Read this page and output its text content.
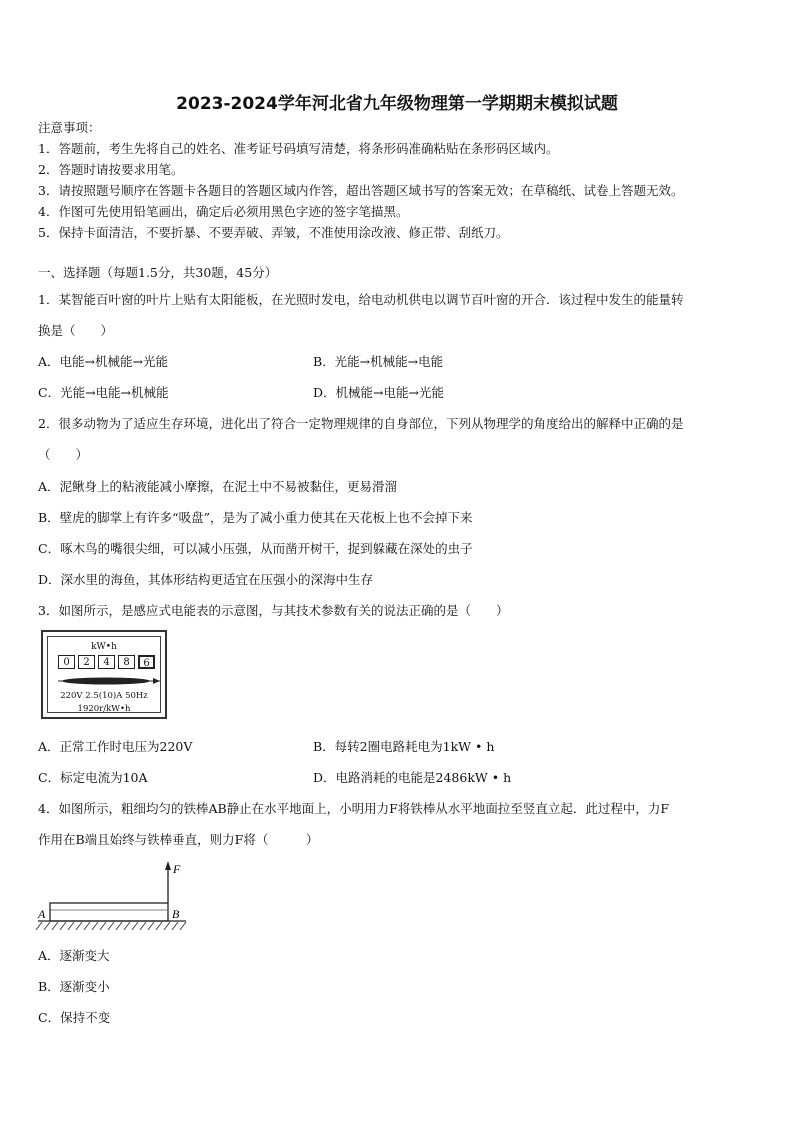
2023-2024学年河北省九年级物理第一学期期末模拟试题
注意事项：
1．答题前，考生先将自己的姓名、准考证号码填写清楚，将条形码准确粘贴在条形码区域内。
2．答题时请按要求用笔。
3．请按照题号顺序在答题卡各题目的答题区域内作答，超出答题区域书写的答案无效；在草稿纸、试卷上答题无效。
4．作图可先使用铅笔画出，确定后必须用黑色字迹的签字笔描黑。
5．保持卡面清洁，不要折暴、不要弄破、弄皱，不准使用涂改液、修正带、刮纸刀。
一、选择题（每题1.5分，共30题，45分）
1．某智能百叶窗的叶片上贴有太阳能板，在光照时发电，给电动机供电以调节百叶窗的开合．该过程中发生的能量转
换是（　　）
A．电能→机械能→光能	B．光能→机械能→电能
C．光能→电能→机械能	D．机械能→电能→光能
2．很多动物为了适应生存环境，进化出了符合一定物理规律的自身部位，下列从物理学的角度给出的解释中正确的是
（　　）
A．泥鳅身上的粘液能减小摩擦，在泥土中不易被黏住，更易滑溜
B．壁虎的脚掌上有许多“吸盘”，是为了减小重力使其在天花板上也不会掉下来
C．啄木鸟的嘴很尖细，可以减小压强，从而凿开树干，捉到躲藏在深处的虫子
D．深水里的海鱼，其体形结构更适宜在压强小的深海中生存
3．如图所示，是感应式电能表的示意图，与其技术参数有关的说法正确的是（　　）
kW•h
0	2	4	8	6
220V 2.5(10)A 50Hz
1920r/kW•h
A．正常工作时电压为220V	B．每转2圈电路耗电为1kW • h
C．标定电流为10A	D．电路消耗的电能是2486kW • h
4．如图所示，粗细均匀的铁棒AB静止在水平地面上，小明用力F将铁棒从水平地面拉至竖直立起．此过程中，力F
作用在B端且始终与铁棒垂直，则力F将（　　　）
A	B
F
A．逐渐变大
B．逐渐变小
C．保持不变
